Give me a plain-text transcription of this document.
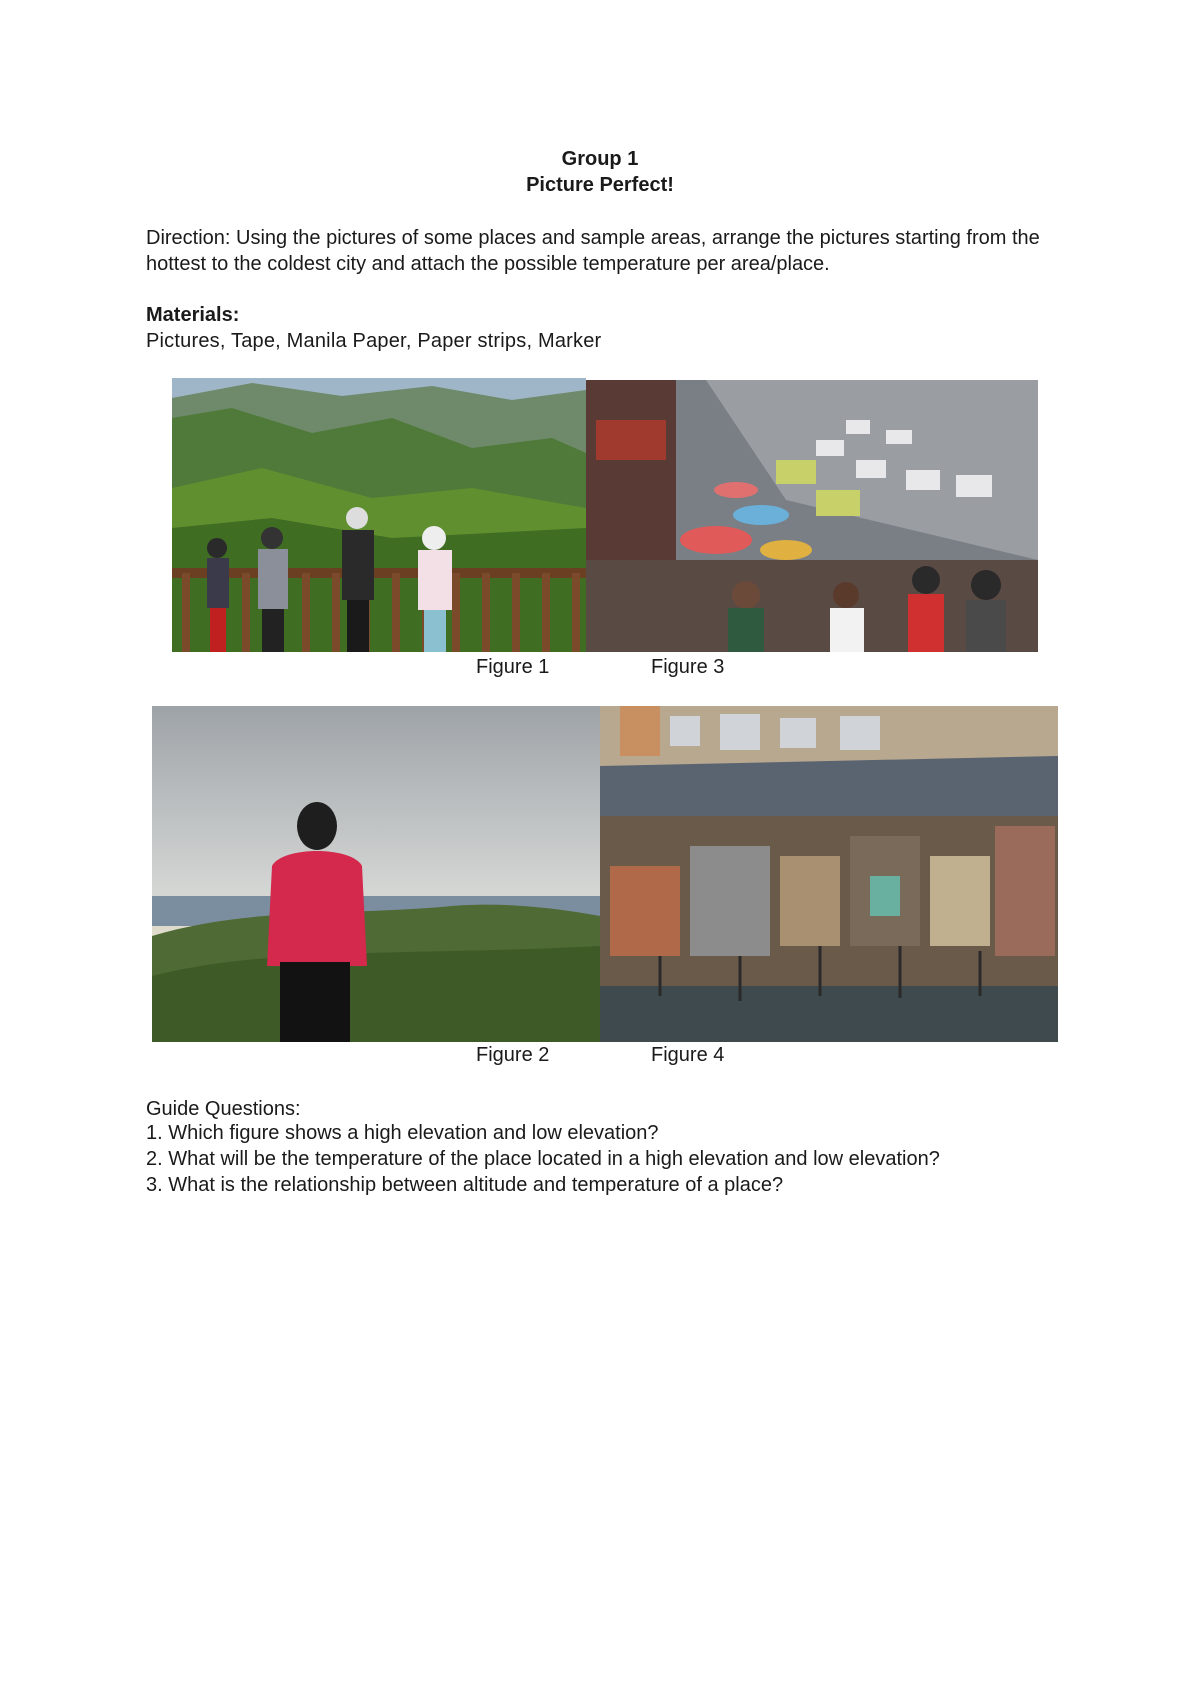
Group 1
Picture Perfect!
Direction: Using the pictures of some places and sample areas, arrange the pictures starting from the hottest to the coldest city and attach the possible temperature per area/place.
Materials:
Pictures, Tape, Manila Paper, Paper strips, Marker
Figure 1	Figure 3
Figure 2	Figure 4
Guide Questions:
1. Which figure shows a high elevation and low elevation?
2. What will be the temperature of the place located in a high elevation and low elevation?
3. What is the relationship between altitude and temperature of a place?
